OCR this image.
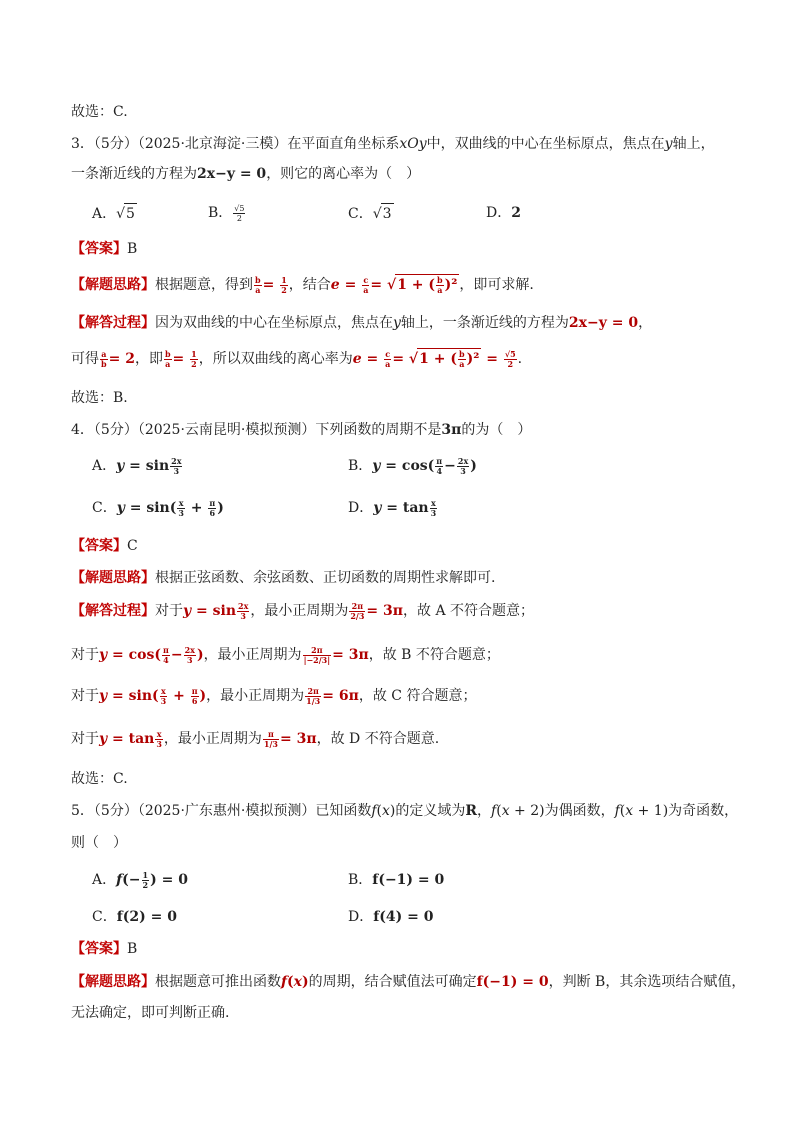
故选：C.
3．（5分）（2025·北京海淀·三模）在平面直角坐标系xOy中，双曲线的中心在坐标原点，焦点在y轴上，
一条渐近线的方程为2x−y = 0，则它的离心率为（　）
A．√5	B． $\frac{√5}{2}$	C．√3	D．2
【答案】B
【解题思路】根据题意，得到 $\frac{b}{a} = \frac{1}{2}$ ，结合$e = \frac{c}{a} = √1$ + ( $\frac{b}{a} )^2$ ，即可求解.
【解答过程】因为双曲线的中心在坐标原点，焦点在y轴上，一条渐近线的方程为2x−y = 0，
可得 $\frac{a}{b} = 2$，即 $\frac{b}{a} = \frac{1}{2}$ ，所以双曲线的离心率为$e = \frac{c}{a} = √1$ + ( $\frac{b}{a} )^2 = \frac{√5}{2}$ .
故选：B.
4．（5分）（2025·云南昆明·模拟预测）下列函数的周期不是3π的为（　）
A．$y = \sin \frac{2x}{3}$	B．$y = \cos( \frac{\pi}{4} - \frac{2x}{3}$ )
C．$y = \sin( \frac{x}{3} + \frac{\pi}{6}$ )	D．$y = \tan \frac{x}{3}$
【答案】C
【解题思路】根据正弦函数、余弦函数、正切函数的周期性求解即可.
【解答过程】对于$y = \sin \frac{2x}{3}$ ，最小正周期为 $\frac{2\pi}{2/3} = 3\pi$，故 A 不符合题意；
对于$y = \cos( \frac{\pi}{4} - \frac{2x}{3}$ )，最小正周期为 $\frac{2\pi}{|-2/3|} = 3\pi$，故 B 不符合题意；
对于$y = \sin( \frac{x}{3} + \frac{\pi}{6}$ )，最小正周期为 $\frac{2\pi}{1/3} = 6\pi$，故 C 符合题意；
对于$y = \tan \frac{x}{3}$ ，最小正周期为 $\frac{\pi}{1/3} = 3\pi$，故 D 不符合题意.
故选：C.
5．（5分）（2025·广东惠州·模拟预测）已知函数f(x)的定义域为R，f(x + 2)为偶函数，f(x + 1)为奇函数，
则（　）
A．$f(- \frac{1}{2}$ ) = 0	B．f(−1) = 0
C．f(2) = 0	D．f(4) = 0
【答案】B
【解题思路】根据题意可推出函数f(x)的周期，结合赋值法可确定f(−1) = 0，判断 B，其余选项结合赋值，
无法确定，即可判断正确.
